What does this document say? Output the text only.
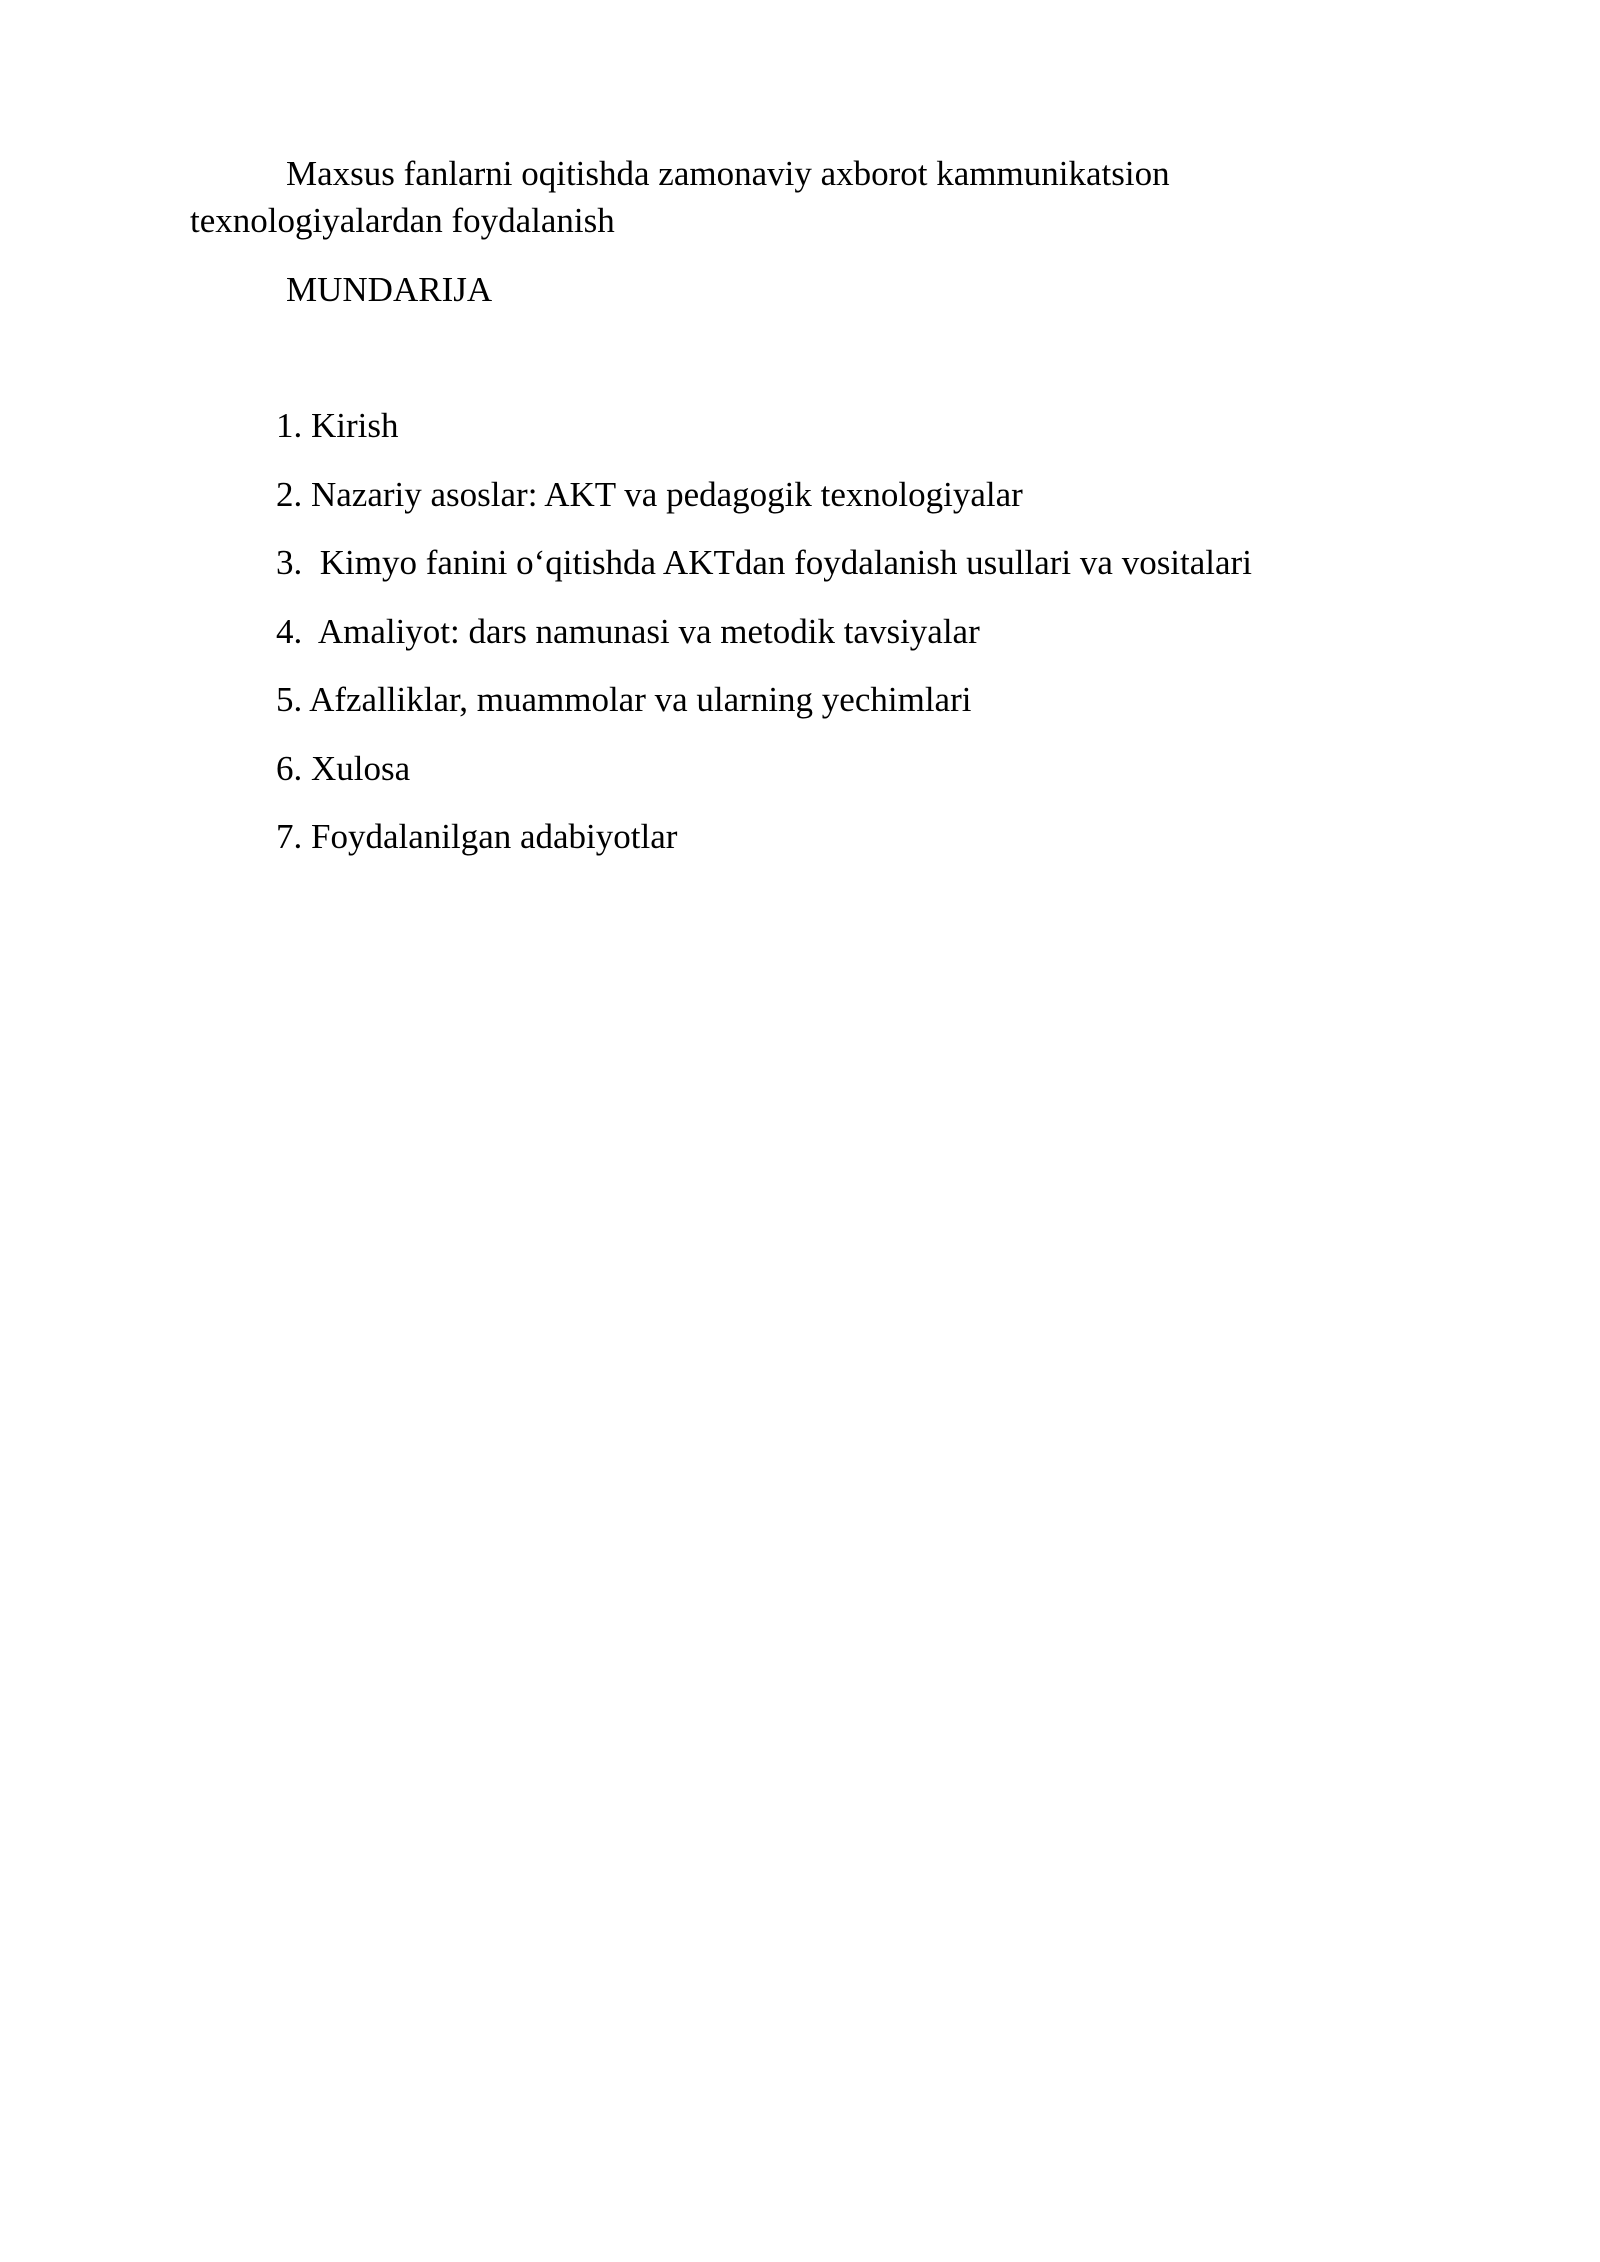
Maxsus fanlarni oqitishda zamonaviy axborot kammunikatsion texnologiyalardan foydalanish

MUNDARIJA

1. Kirish
2. Nazariy asoslar: AKT va pedagogik texnologiyalar
3.  Kimyo fanini o‘qitishda AKTdan foydalanish usullari va vositalari
4.  Amaliyot: dars namunasi va metodik tavsiyalar
5. Afzalliklar, muammolar va ularning yechimlari
6. Xulosa
7. Foydalanilgan adabiyotlar
